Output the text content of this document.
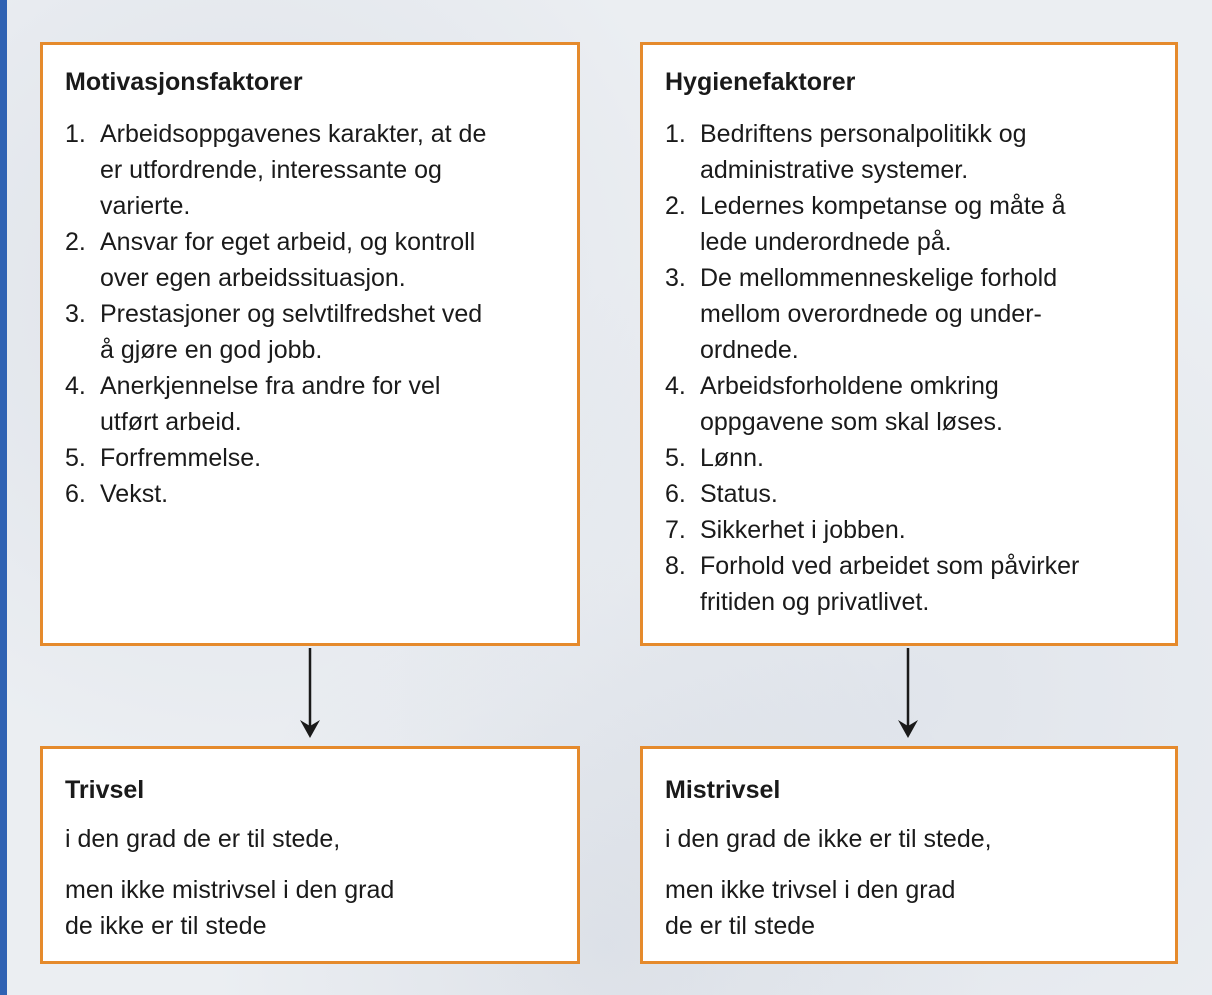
Motivasjonsfaktorer
1. Arbeidsoppgavenes karakter, at de
er utfordrende, interessante og
varierte.
2. Ansvar for eget arbeid, og kontroll
over egen arbeidssituasjon.
3. Prestasjoner og selvtilfredshet ved
å gjøre en god jobb.
4. Anerkjennelse fra andre for vel
utført arbeid.
5. Forfremmelse.
6. Vekst.
Hygienefaktorer
1. Bedriftens personalpolitikk og
administrative systemer.
2. Ledernes kompetanse og måte å
lede underordnede på.
3. De mellommenneskelige forhold
mellom overordnede og under-
ordnede.
4. Arbeidsforholdene omkring
oppgavene som skal løses.
5. Lønn.
6. Status.
7. Sikkerhet i jobben.
8. Forhold ved arbeidet som påvirker
fritiden og privatlivet.
Trivsel
i den grad de er til stede,
men ikke mistrivsel i den grad
de ikke er til stede
Mistrivsel
i den grad de ikke er til stede,
men ikke trivsel i den grad
de er til stede
